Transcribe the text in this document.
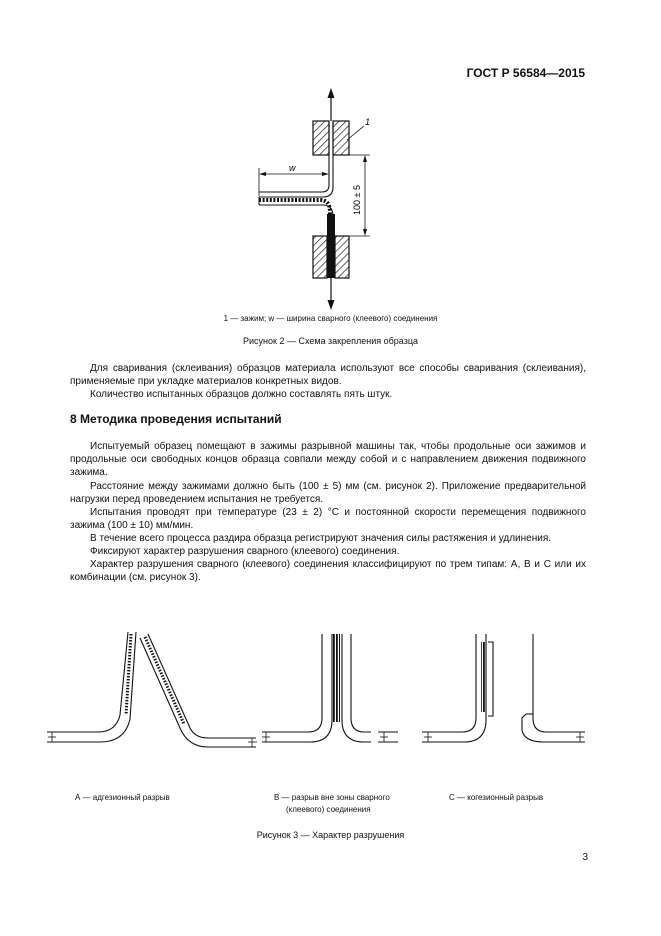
ГОСТ Р 56584—2015
w
100 ± 5
1
1 — зажим; w — ширина сварного (клеевого) соединения
Рисунок 2 — Схема закрепления образца
Для сваривания (склеивания) образцов материала используют все способы сваривания (склеивания), применяемые при укладке материалов конкретных видов.
Количество испытанных образцов должно составлять пять штук.
8 Методика проведения испытаний
Испытуемый образец помещают в зажимы разрывной машины так, чтобы продольные оси зажимов и продольные оси свободных концов образца совпали между собой и с направлением движения подвижного зажима.
Расстояние между зажимами должно быть (100 ± 5) мм (см. рисунок 2). Приложение предварительной нагрузки перед проведением испытания не требуется.
Испытания проводят при температуре (23 ± 2) °С и постоянной скорости перемещения подвижного зажима (100 ± 10) мм/мин.
В течение всего процесса раздира образца регистрируют значения силы растяжения и удлинения.
Фиксируют характер разрушения сварного (клеевого) соединения.
Характер разрушения сварного (клеевого) соединения классифицируют по трем типам: А, В и С или их комбинации (см. рисунок 3).
А — адгезионный разрыв	В — разрыв вне зоны сварного
(клеевого) соединения
С — когезионный разрыв
Рисунок 3 — Характер разрушения
3
